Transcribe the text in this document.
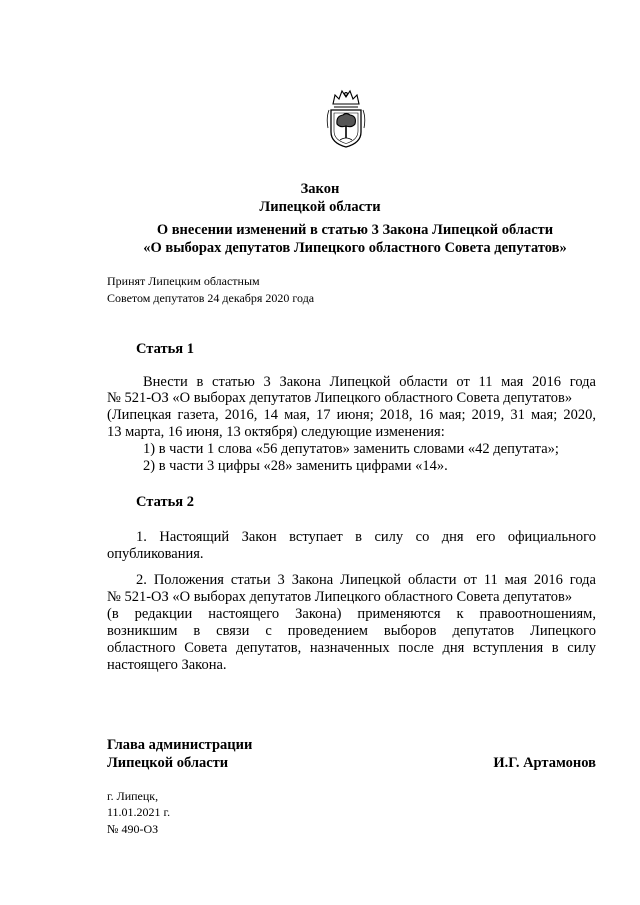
Закон
Липецкой области
О внесении изменений в статью 3 Закона Липецкой области
«О выборах депутатов Липецкого областного Совета депутатов»
Принят Липецким областным
Советом депутатов 24 декабря 2020 года
Статья 1
Внести в статью 3 Закона Липецкой области от 11 мая 2016 года
№ 521-ОЗ «О выборах депутатов Липецкого областного Совета депутатов»
(Липецкая газета, 2016, 14 мая, 17 июня; 2018, 16 мая; 2019, 31 мая; 2020,
13 марта, 16 июня, 13 октября) следующие изменения:
1) в части 1 слова «56 депутатов» заменить словами «42 депутата»;
2) в части 3 цифры «28» заменить цифрами «14».
Статья 2
1. Настоящий Закон вступает в силу со дня его официального
опубликования.
2. Положения статьи 3 Закона Липецкой области от 11 мая 2016 года
№ 521-ОЗ «О выборах депутатов Липецкого областного Совета депутатов»
(в редакции настоящего Закона) применяются к правоотношениям,
возникшим в связи с проведением выборов депутатов Липецкого
областного Совета депутатов, назначенных после дня вступления в силу
настоящего Закона.
Глава администрации
Липецкой области	И.Г. Артамонов
г. Липецк,
11.01.2021 г.
№ 490-ОЗ
